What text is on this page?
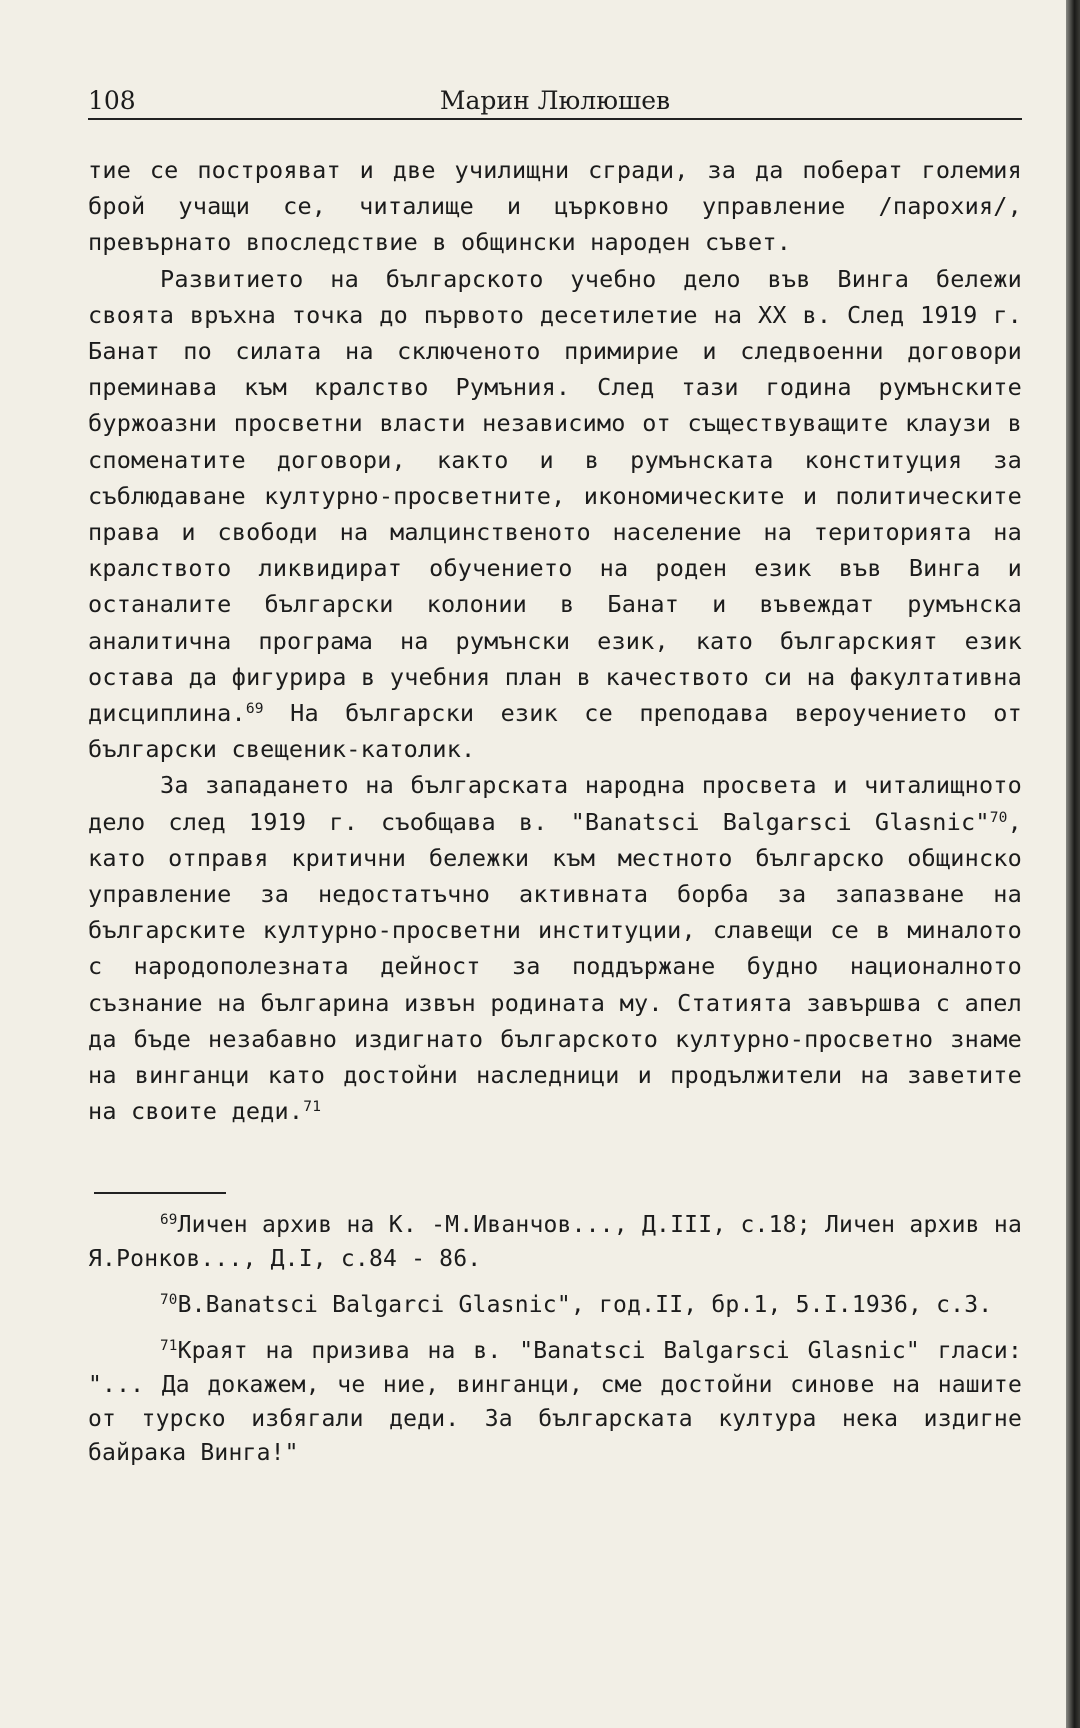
108	Марин Люлюшев

тие се построяват и две училищни сгради, за да поберат големия брой учащи се, читалище и църковно управление /парохия/, превърнато впоследствие в общински народен съвет.

Развитието на българското учебно дело във Винга бележи своята връхна точка до първото десетилетие на XX в. След 1919 г. Банат по силата на сключеното примирие и следвоенни договори преминава към кралство Румъния. След тази година румънските буржоазни просветни власти независимо от съществуващите клаузи в споменатите договори, както и в румънската конституция за съблюдаване културно-просветните, икономическите и политическите права и свободи на малцинственото население на територията на кралството ликвидират обучението на роден език във Винга и останалите български колонии в Банат и въвеждат румънска аналитична програма на румънски език, като българският език остава да фигурира в учебния план в качеството си на факултативна дисциплина.$^{69}$ На български език се преподава вероучението от български свещеник-католик.

За западането на българската народна просвета и читалищното дело след 1919 г. съобщава в. "Banatsci Balgarsci Glasnic"$^{70}$, като отправя критични бележки към местното българско общинско управление за недостатъчно активната борба за запазване на българските културно-просветни институции, славещи се в миналото с народополезната дейност за поддържане будно националното съзнание на българина извън родината му. Статията завършва с апел да бъде незабавно издигнато българското културно-просветно знаме на винганци като достойни наследници и продължители на заветите на своите деди.$^{71}$

$^{69}$Личен архив на К. -М.Иванчов..., Д.III, с.18; Личен архив на Я.Ронков..., Д.I, с.84 - 86.

$^{70}$В.Banatsci Balgarci Glasnic", год.II, бр.1, 5.I.1936, с.3.

$^{71}$Краят на призива на в. "Banatsci Balgarsci Glasnic" гласи: "... Да докажем, че ние, винганци, сме достойни синове на нашите от турско избягали деди. За българската култура нека издигне байрака Винга!"
